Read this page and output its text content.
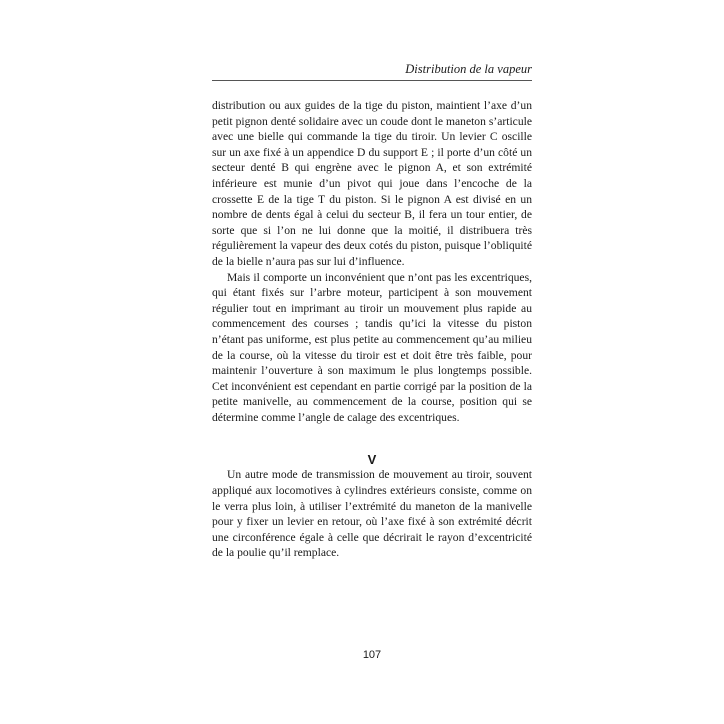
Distribution de la vapeur

distribution ou aux guides de la tige du piston, maintient l’axe d’un petit pignon denté solidaire avec un coude dont le maneton s’articule avec une bielle qui commande la tige du tiroir. Un levier C oscille sur un axe fixé à un appendice D du support E ; il porte d’un côté un secteur denté B qui engrène avec le pignon A, et son extrémité inférieure est munie d’un pivot qui joue dans l’encoche de la crossette E de la tige T du piston. Si le pignon A est divisé en un nombre de dents égal à celui du secteur B, il fera un tour entier, de sorte que si l’on ne lui donne que la moitié, il distribuera très régulièrement la vapeur des deux cotés du piston, puisque l’obliquité de la bielle n’aura pas sur lui d’influence.

Mais il comporte un inconvénient que n’ont pas les excentriques, qui étant fixés sur l’arbre moteur, participent à son mouvement régulier tout en imprimant au tiroir un mouvement plus rapide au commencement des courses ; tandis qu’ici la vitesse du piston n’étant pas uniforme, est plus petite au commencement qu’au milieu de la course, où la vitesse du tiroir est et doit être très faible, pour maintenir l’ouverture à son maximum le plus longtemps possible. Cet inconvénient est cependant en partie corrigé par la position de la petite manivelle, au commencement de la course, position qui se détermine comme l’angle de calage des excentriques.

V

Un autre mode de transmission de mouvement au tiroir, souvent appliqué aux locomotives à cylindres extérieurs consiste, comme on le verra plus loin, à utiliser l’extrémité du maneton de la manivelle pour y fixer un levier en retour, où l’axe fixé à son extrémité décrit une circonférence égale à celle que décrirait le rayon d’excentricité de la poulie qu’il remplace.

107
